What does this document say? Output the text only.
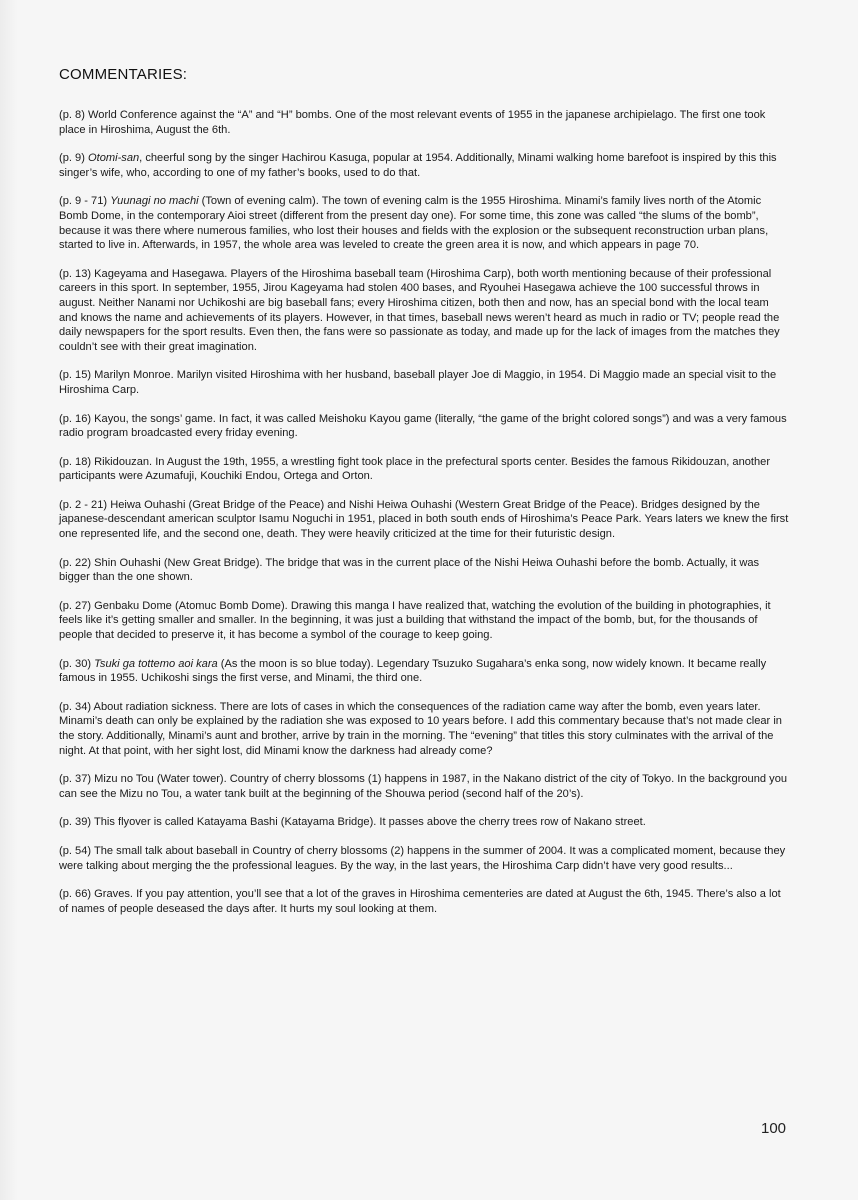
COMMENTARIES:

(p. 8) World Conference against the “A” and “H” bombs. One of the most relevant events of 1955 in the japanese archipielago. The first one took place in Hiroshima, August the 6th.

(p. 9) Otomi-san, cheerful song by the singer Hachirou Kasuga, popular at 1954. Additionally, Minami walking home barefoot is inspired by this this singer’s wife, who, according to one of my father’s books, used to do that.

(p. 9 - 71) Yuunagi no machi (Town of evening calm). The town of evening calm is the 1955 Hiroshima. Minami’s family lives north of the Atomic Bomb Dome, in the contemporary Aioi street (different from the present day one). For some time, this zone was called “the slums of the bomb”, because it was there where numerous families, who lost their houses and fields with the explosion or the subsequent reconstruction urban plans, started to live in. Afterwards, in 1957, the whole area was leveled to create the green area it is now, and which appears in page 70.

(p. 13) Kageyama and Hasegawa. Players of the Hiroshima baseball team (Hiroshima Carp), both worth mentioning because of their professional careers in this sport. In september, 1955, Jirou Kageyama had stolen 400 bases, and Ryouhei Hasegawa achieve the 100 successful throws in august. Neither Nanami nor Uchikoshi are big baseball fans; every Hiroshima citizen, both then and now, has an special bond with the local team and knows the name and achievements of its players. However, in that times, baseball news weren’t heard as much in radio or TV; people read the daily newspapers for the sport results. Even then, the fans were so passionate as today, and made up for the lack of images from the matches they couldn’t see with their great imagination.

(p. 15) Marilyn Monroe. Marilyn visited Hiroshima with her husband, baseball player Joe di Maggio, in 1954. Di Maggio made an special visit to the Hiroshima Carp.

(p. 16) Kayou, the songs’ game. In fact, it was called Meishoku Kayou game (literally, “the game of the bright colored songs”) and was a very famous radio program broadcasted every friday evening.

(p. 18) Rikidouzan. In August the 19th, 1955, a wrestling fight took place in the prefectural sports center. Besides the famous Rikidouzan, another participants were Azumafuji, Kouchiki Endou, Ortega and Orton.

(p. 2 - 21) Heiwa Ouhashi (Great Bridge of the Peace) and Nishi Heiwa Ouhashi (Western Great Bridge of the Peace). Bridges designed by the japanese-descendant american sculptor Isamu Noguchi in 1951, placed in both south ends of Hiroshima’s Peace Park. Years laters we knew the first one represented life, and the second one, death. They were heavily criticized at the time for their futuristic design.

(p. 22) Shin Ouhashi (New Great Bridge). The bridge that was in the current place of the Nishi Heiwa Ouhashi before the bomb. Actually, it was bigger than the one shown.

(p. 27) Genbaku Dome (Atomuc Bomb Dome). Drawing this manga I have realized that, watching the evolution of the building in photographies, it feels like it’s getting smaller and smaller. In the beginning, it was just a building that withstand the impact of the bomb, but, for the thousands of people that decided to preserve it, it has become a symbol of the courage to keep going.

(p. 30) Tsuki ga tottemo aoi kara (As the moon is so blue today). Legendary Tsuzuko Sugahara’s enka song, now widely known. It became really famous in 1955. Uchikoshi sings the first verse, and Minami, the third one.

(p. 34) About radiation sickness. There are lots of cases in which the consequences of the radiation came way after the bomb, even years later. Minami’s death can only be explained by the radiation she was exposed to 10 years before. I add this commentary because that’s not made clear in the story. Additionally, Minami’s aunt and brother, arrive by train in the morning. The “evening” that titles this story culminates with the arrival of the night. At that point, with her sight lost, did Minami know the darkness had already come?

(p. 37) Mizu no Tou (Water tower). Country of cherry blossoms (1) happens in 1987, in the Nakano district of the city of Tokyo. In the background you can see the Mizu no Tou, a water tank built at the beginning of the Shouwa period (second half of the 20’s).

(p. 39) This flyover is called Katayama Bashi (Katayama Bridge). It passes above the cherry trees row of Nakano street.

(p. 54) The small talk about baseball in Country of cherry blossoms (2) happens in the summer of 2004. It was a complicated moment, because they were talking about merging the the professional leagues. By the way, in the last years, the Hiroshima Carp didn’t have very good results...

(p. 66) Graves. If you pay attention, you’ll see that a lot of the graves in Hiroshima cementeries are dated at August the 6th, 1945. There’s also a lot of names of people deseased the days after. It hurts my soul looking at them.

100
